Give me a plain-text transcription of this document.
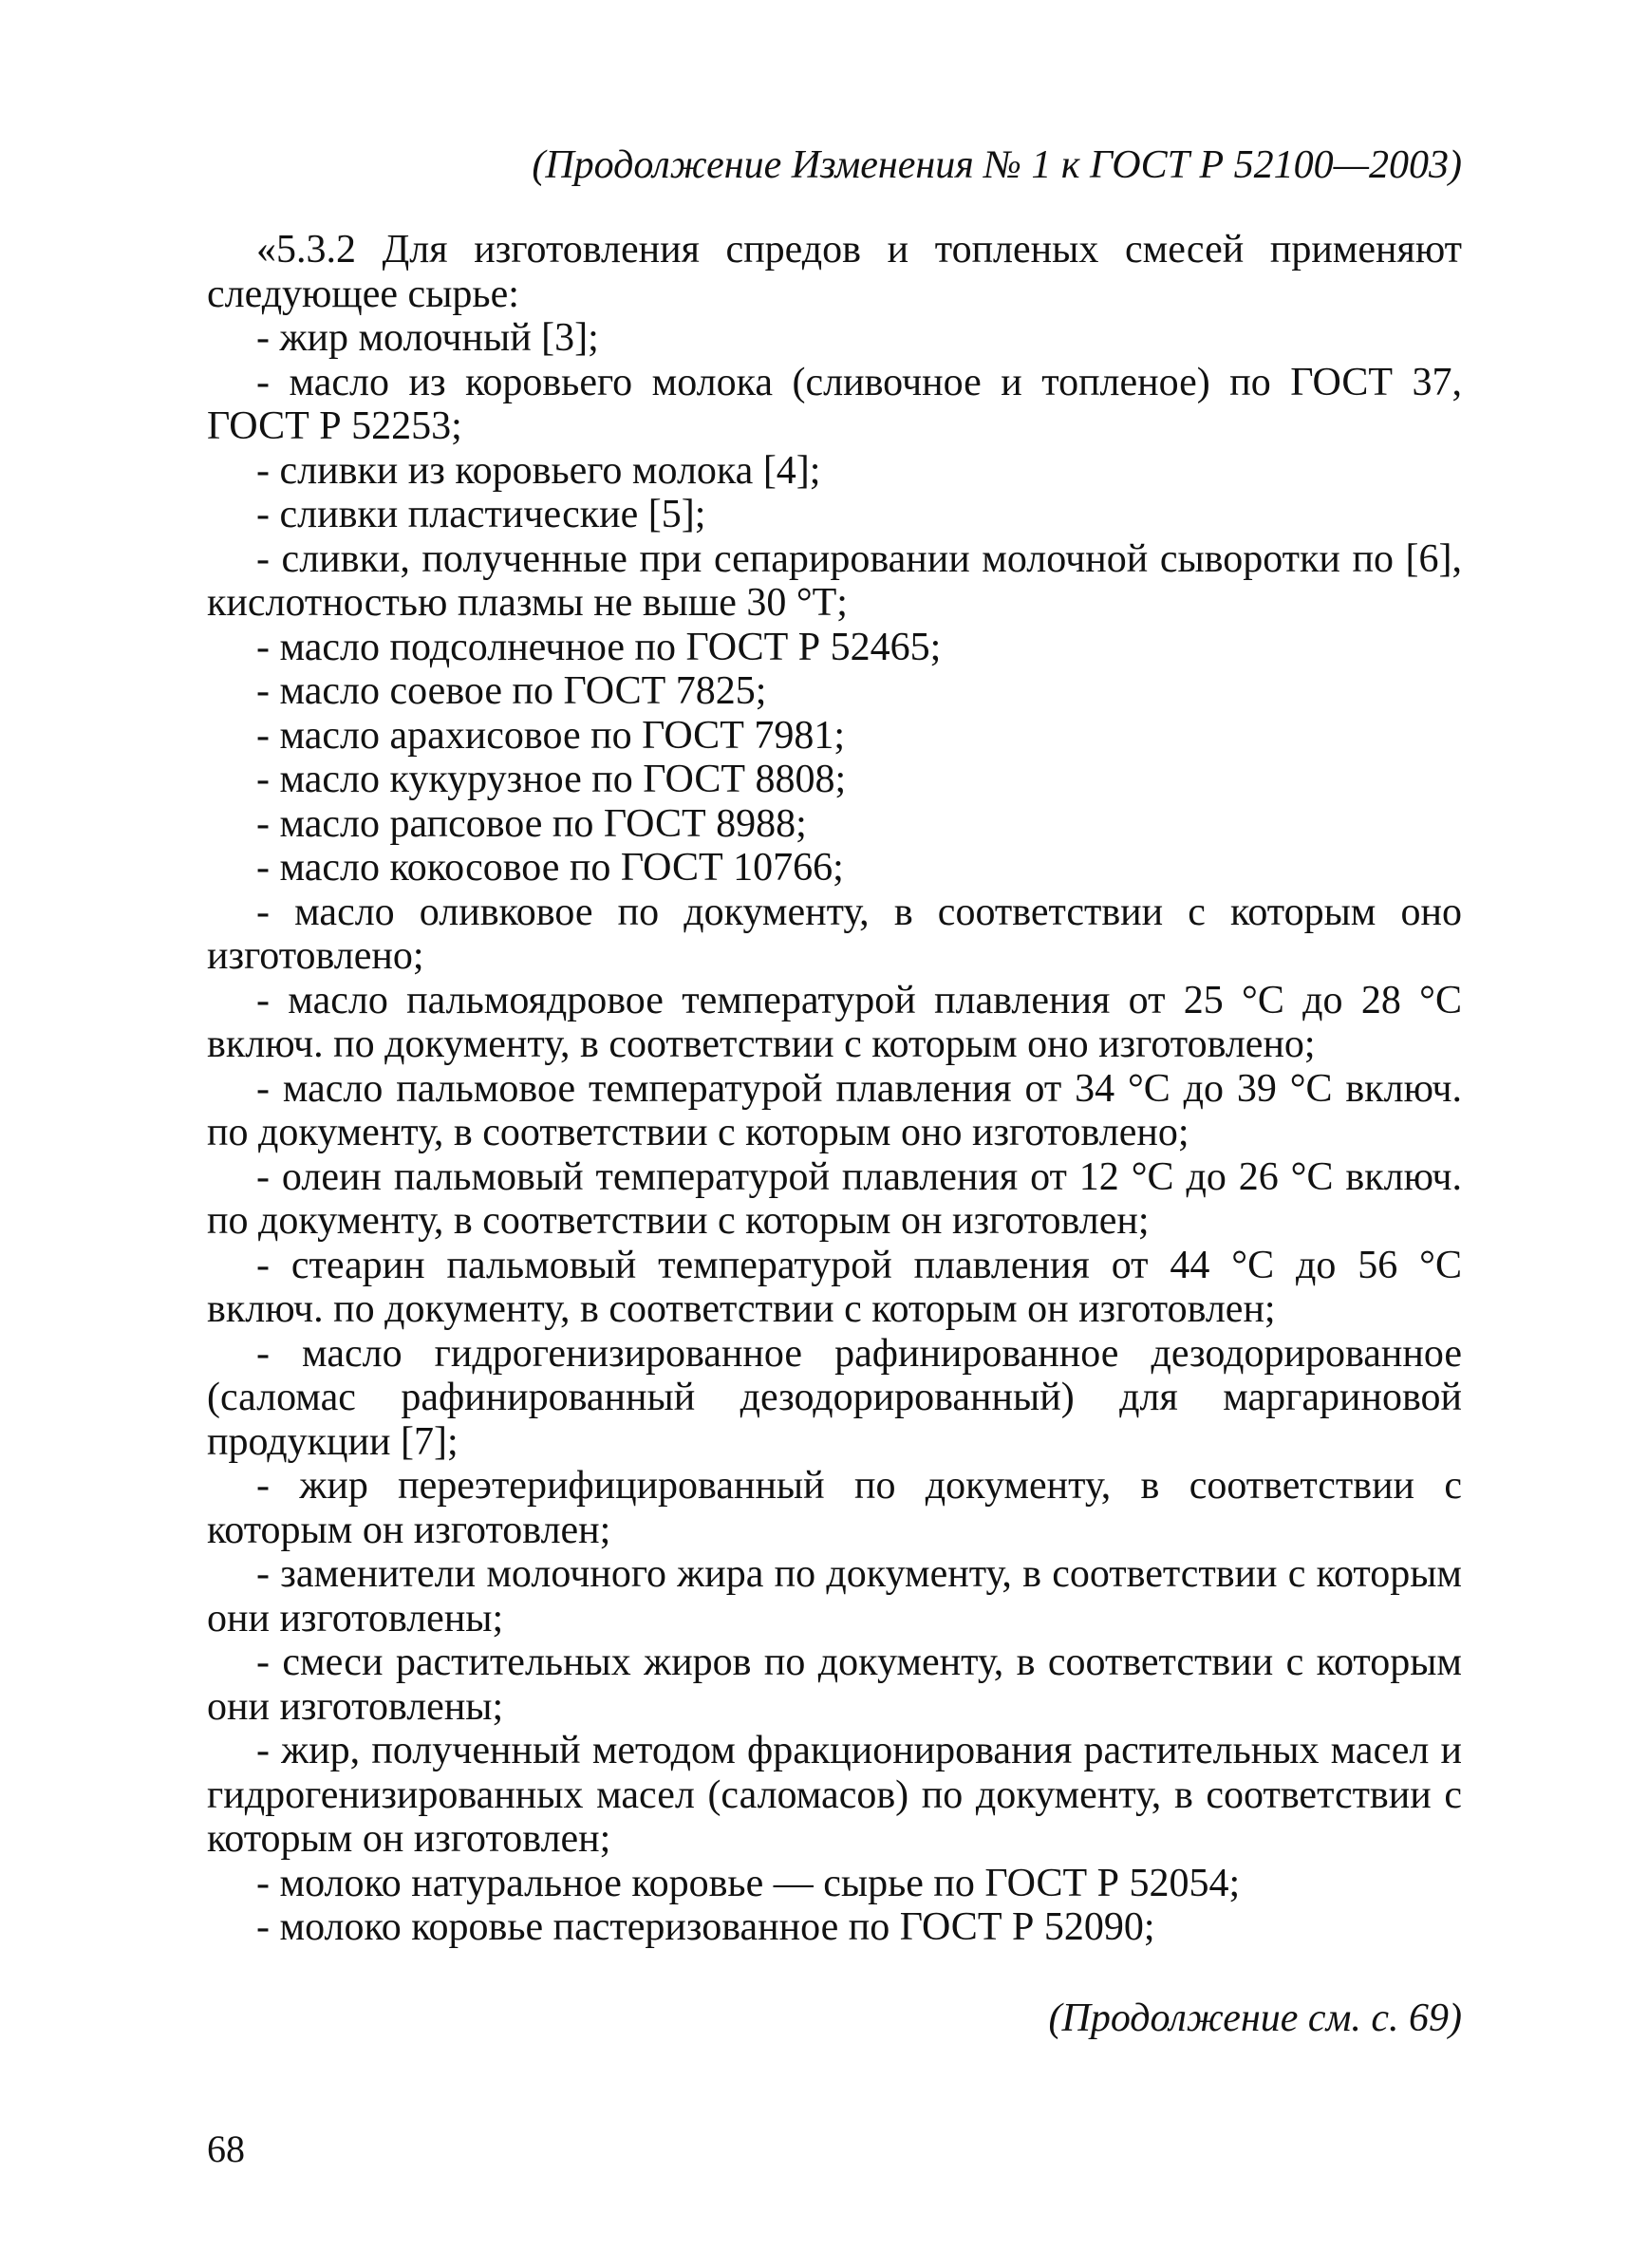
(Продолжение Изменения № 1 к ГОСТ Р 52100—2003)

«5.3.2 Для изготовления спредов и топленых смесей применяют следующее сырье:

- жир молочный [3];

- масло из коровьего молока (сливочное и топленое) по ГОСТ 37, ГОСТ Р 52253;

- сливки из коровьего молока [4];

- сливки пластические [5];

- сливки, полученные при сепарировании молочной сыворотки по [6], кислотностью плазмы не выше 30 °Т;

- масло подсолнечное по ГОСТ Р 52465;

- масло соевое по ГОСТ 7825;

- масло арахисовое по ГОСТ 7981;

- масло кукурузное по ГОСТ 8808;

- масло рапсовое по ГОСТ 8988;

- масло кокосовое по ГОСТ 10766;

- масло оливковое по документу, в соответствии с которым оно изготовлено;

- масло пальмоядровое температурой плавления от 25 °С до 28 °С включ. по документу, в соответствии с которым оно изготовлено;

- масло пальмовое температурой плавления от 34 °С до 39 °С включ. по документу, в соответствии с которым оно изготовлено;

- олеин пальмовый температурой плавления от 12 °С до 26 °С включ. по документу, в соответствии с которым он изготовлен;

- стеарин пальмовый температурой плавления от 44 °С до 56 °С включ. по документу, в соответствии с которым он изготовлен;

- масло гидрогенизированное рафинированное дезодорированное (саломас рафинированный дезодорированный) для маргариновой продукции [7];

- жир переэтерифицированный по документу, в соответствии с которым он изготовлен;

- заменители молочного жира по документу, в соответствии с которым они изготовлены;

- смеси растительных жиров по документу, в соответствии с которым они изготовлены;

- жир, полученный методом фракционирования растительных масел и гидрогенизированных масел (саломасов) по документу, в соответствии с которым он изготовлен;

- молоко натуральное коровье — сырье по ГОСТ Р 52054;

- молоко коровье пастеризованное по ГОСТ Р 52090;

(Продолжение см. с. 69)
68
